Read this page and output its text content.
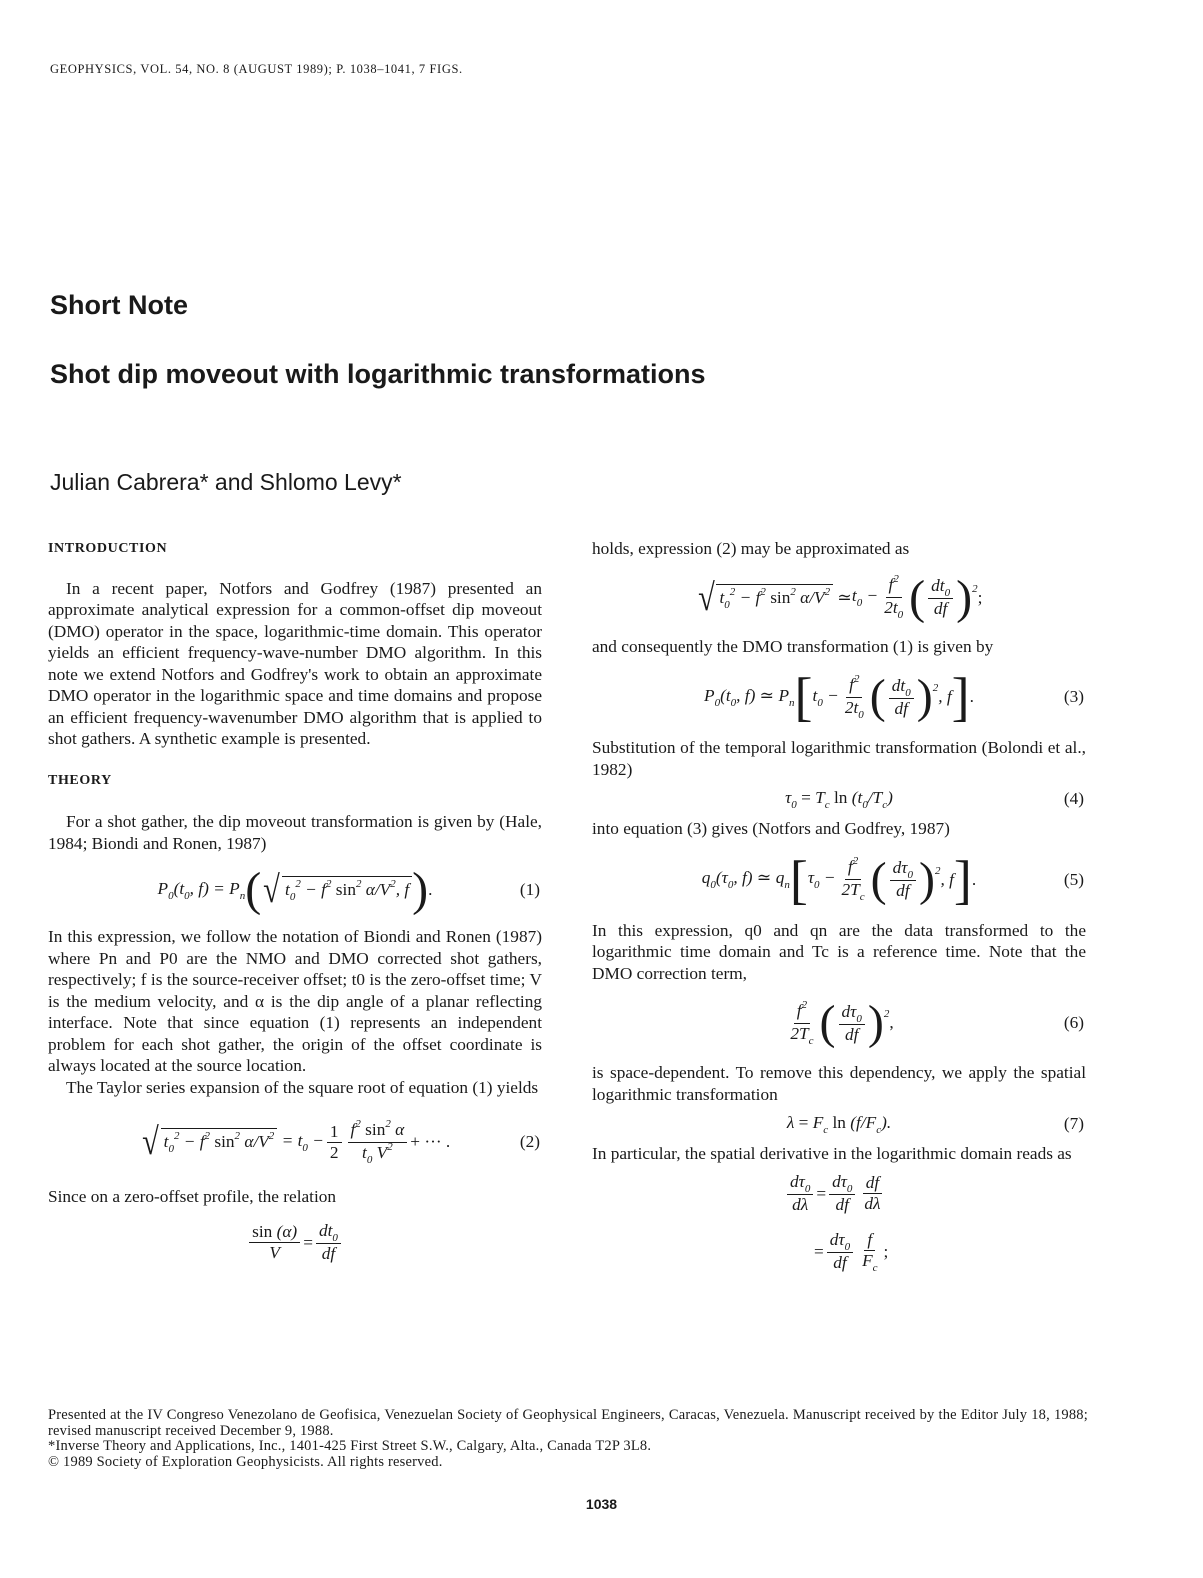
GEOPHYSICS, VOL. 54, NO. 8 (AUGUST 1989); P. 1038–1041, 7 FIGS.
Short Note
Shot dip moveout with logarithmic transformations
Julian Cabrera* and Shlomo Levy*

INTRODUCTION

In a recent paper, Notfors and Godfrey (1987) presented an approximate analytical expression for a common-offset dip moveout (DMO) operator in the space, logarithmic-time domain. This operator yields an efficient frequency-wave-number DMO algorithm. In this note we extend Notfors and Godfrey's work to obtain an approximate DMO operator in the logarithmic space and time domains and propose an efficient frequency-wavenumber DMO algorithm that is applied to shot gathers. A synthetic example is presented.

THEORY

For a shot gather, the dip moveout transformation is given by (Hale, 1984; Biondi and Ronen, 1987)

$P_0(t_0$, $f) = P_n$ ( √ $t_0^2 - f^2$ $\sin^2 \alpha/V^2$, f ) .	(1)

In this expression, we follow the notation of Biondi and Ronen (1987) where Pn and P0 are the NMO and DMO corrected shot gathers, respectively; f is the source-receiver offset; t0 is the zero-offset time; V is the medium velocity, and α is the dip angle of a planar reflecting interface. Note that since equation (1) represents an independent problem for each shot gather, the origin of the offset coordinate is always located at the source location.

The Taylor series expansion of the square root of equation (1) yields

√ $t_0^2 - f^2$ $\sin^2 \alpha/V^2 = t_0 - \frac{1}{2} \frac{f^2 \sin^2 \alpha}{t_0 V^2}$ + ··· .	(2)

Since on a zero-offset profile, the relation

$\frac{\sin (\alpha)}{V} = \frac{dt_0}{df}$

holds, expression (2) may be approximated as

√ $t_0^2 - f^2$ $\sin^2 \alpha/V^2$ ≃ $t_0 - \frac{f^2}{2t_0}$ ( $\frac{dt_0}{df}$ ) 2 ;

and consequently the DMO transformation (1) is given by

$P_0(t_0$, f) ≃ $P_n$ [ $t_0 - \frac{f^2}{2t_0}$ ( $\frac{dt_0}{df}$ ) 2 , f ] .	(3)

Substitution of the temporal logarithmic transformation (Bolondi et al., 1982)

$\tau_0 = T_c$ $\ln (t_0/T_c)$	(4)

into equation (3) gives (Notfors and Godfrey, 1987)

$q_0(\tau_0$, f) ≃ $q_n$ [ $\tau_0 - \frac{f^2}{2T_c}$ ( $\frac{d\tau_0}{df}$ ) 2 , f ] .	(5)

In this expression, q0 and qn are the data transformed to the logarithmic time domain and Tc is a reference time. Note that the DMO correction term,

$\frac{f^2}{2T_c}$ ( $\frac{d\tau_0}{df}$ ) 2 ,	(6)

is space-dependent. To remove this dependency, we apply the spatial logarithmic transformation

$\lambda = F_c$ $\ln (f/F_c)$.	(7)

In particular, the spatial derivative in the logarithmic domain reads as

$\frac{d\tau_0}{d\lambda} = \frac{d\tau_0}{df} \frac{df}{d\lambda}$
= $\frac{d\tau_0}{df} \frac{f}{F_c}$ ;

Presented at the IV Congreso Venezolano de Geofisica, Venezuelan Society of Geophysical Engineers, Caracas, Venezuela. Manuscript received by the Editor July 18, 1988; revised manuscript received December 9, 1988.

*Inverse Theory and Applications, Inc., 1401-425 First Street S.W., Calgary, Alta., Canada T2P 3L8.

© 1989 Society of Exploration Geophysicists. All rights reserved.

1038
